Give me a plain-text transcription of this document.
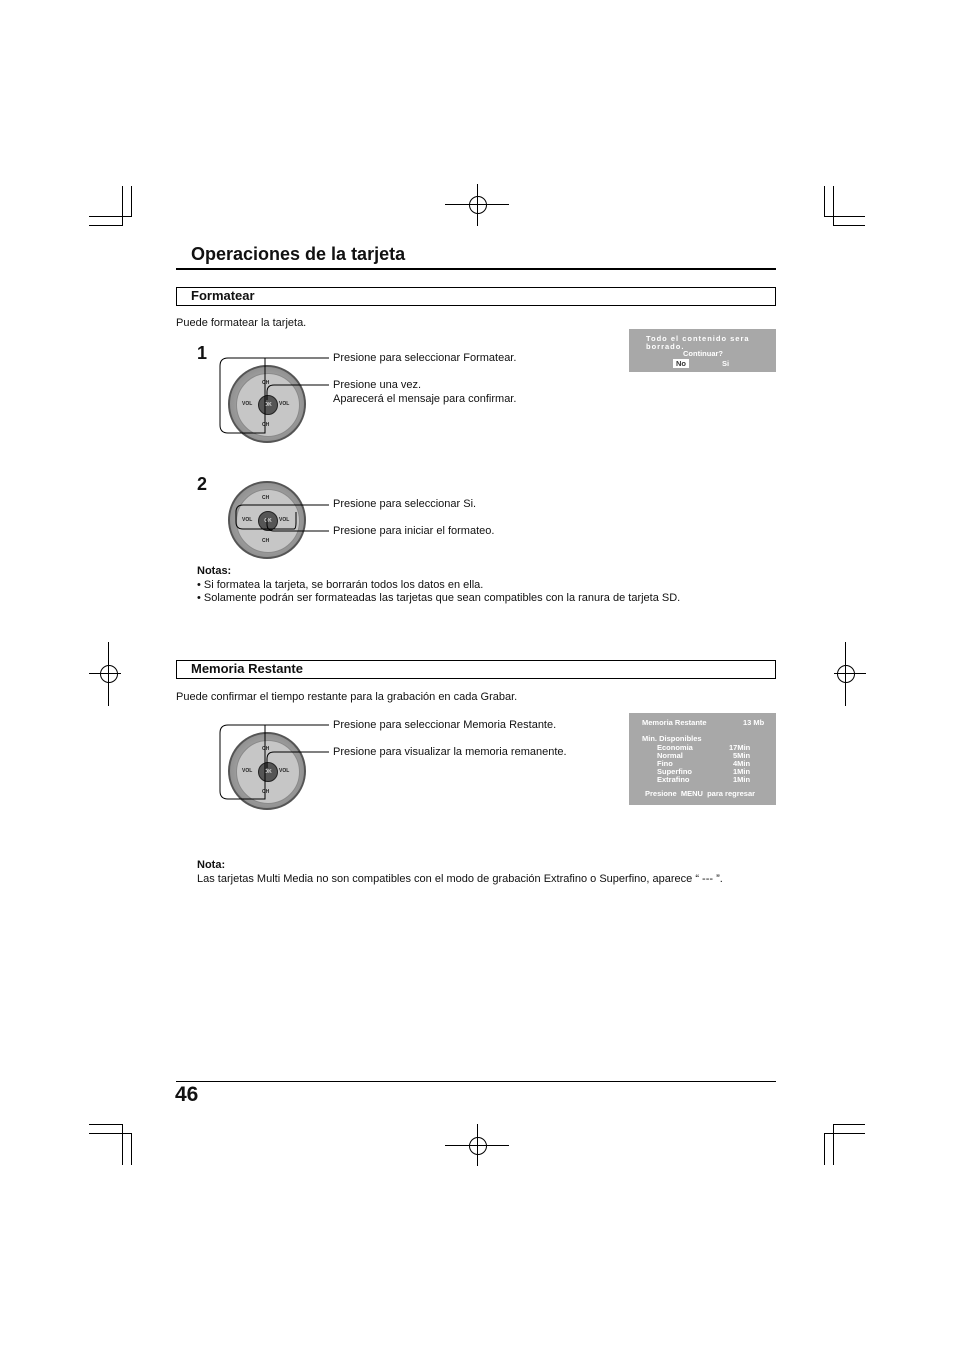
Operaciones de la tarjeta
Formatear
Puede formatear la tarjeta.
1
CH
CH
VOL	VOL
OK
Presione para seleccionar Formatear.
Presione una vez.
Aparecerá el mensaje para confirmar.
Todo el contenido sera
borrado.
Continuar?
No	Si
2
CH
CH
VOL	VOL
OK
Presione para seleccionar Si.
Presione para iniciar el formateo.
Notas:
• Si formatea la tarjeta, se borrarán todos los datos en ella.
• Solamente podrán ser formateadas las tarjetas que sean compatibles con la ranura de tarjeta SD.
Memoria Restante
Puede confirmar el tiempo restante para la grabación en cada Grabar.
CH
CH
VOL	VOL
OK
Presione para seleccionar Memoria Restante.
Presione para visualizar la memoria remanente.
Memoria Restante	13 Mb
Min. Disponibles
Economia	17Min
Normal	5Min
Fino	4Min
Superfino	1Min
Extrafino	1Min
Presione  MENU  para regresar
Nota:
Las tarjetas Multi Media no son compatibles con el modo de grabación Extrafino o Superfino, aparece “ --- ”.
46
